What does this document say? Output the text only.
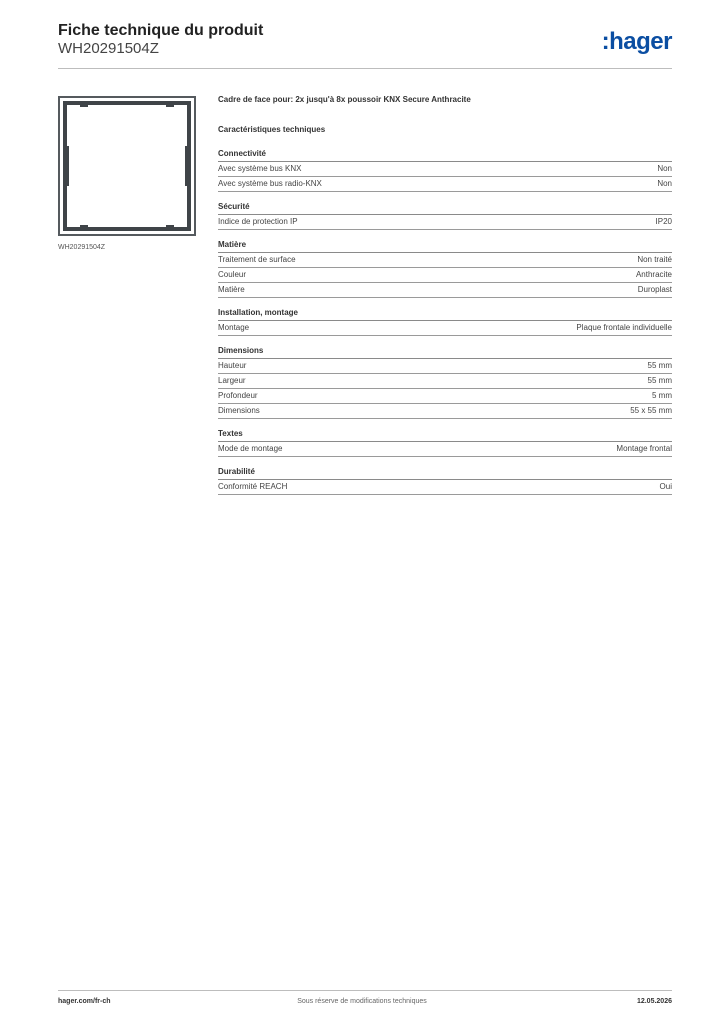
Fiche technique du produit
WH20291504Z	:hager
WH20291504Z
Cadre de face pour: 2x jusqu'à 8x poussoir KNX Secure Anthracite
Caractéristiques techniques
Connectivité
Avec système bus KNX	Non
Avec système bus radio-KNX	Non
Sécurité
Indice de protection IP	IP20
Matière
Traitement de surface	Non traité
Couleur	Anthracite
Matière	Duroplast
Installation, montage
Montage	Plaque frontale individuelle
Dimensions
Hauteur	55 mm
Largeur	55 mm
Profondeur	5 mm
Dimensions	55 x 55 mm
Textes
Mode de montage	Montage frontal
Durabilité
Conformité REACH	Oui
hager.com/fr-ch	Sous réserve de modifications techniques	12.05.2026
